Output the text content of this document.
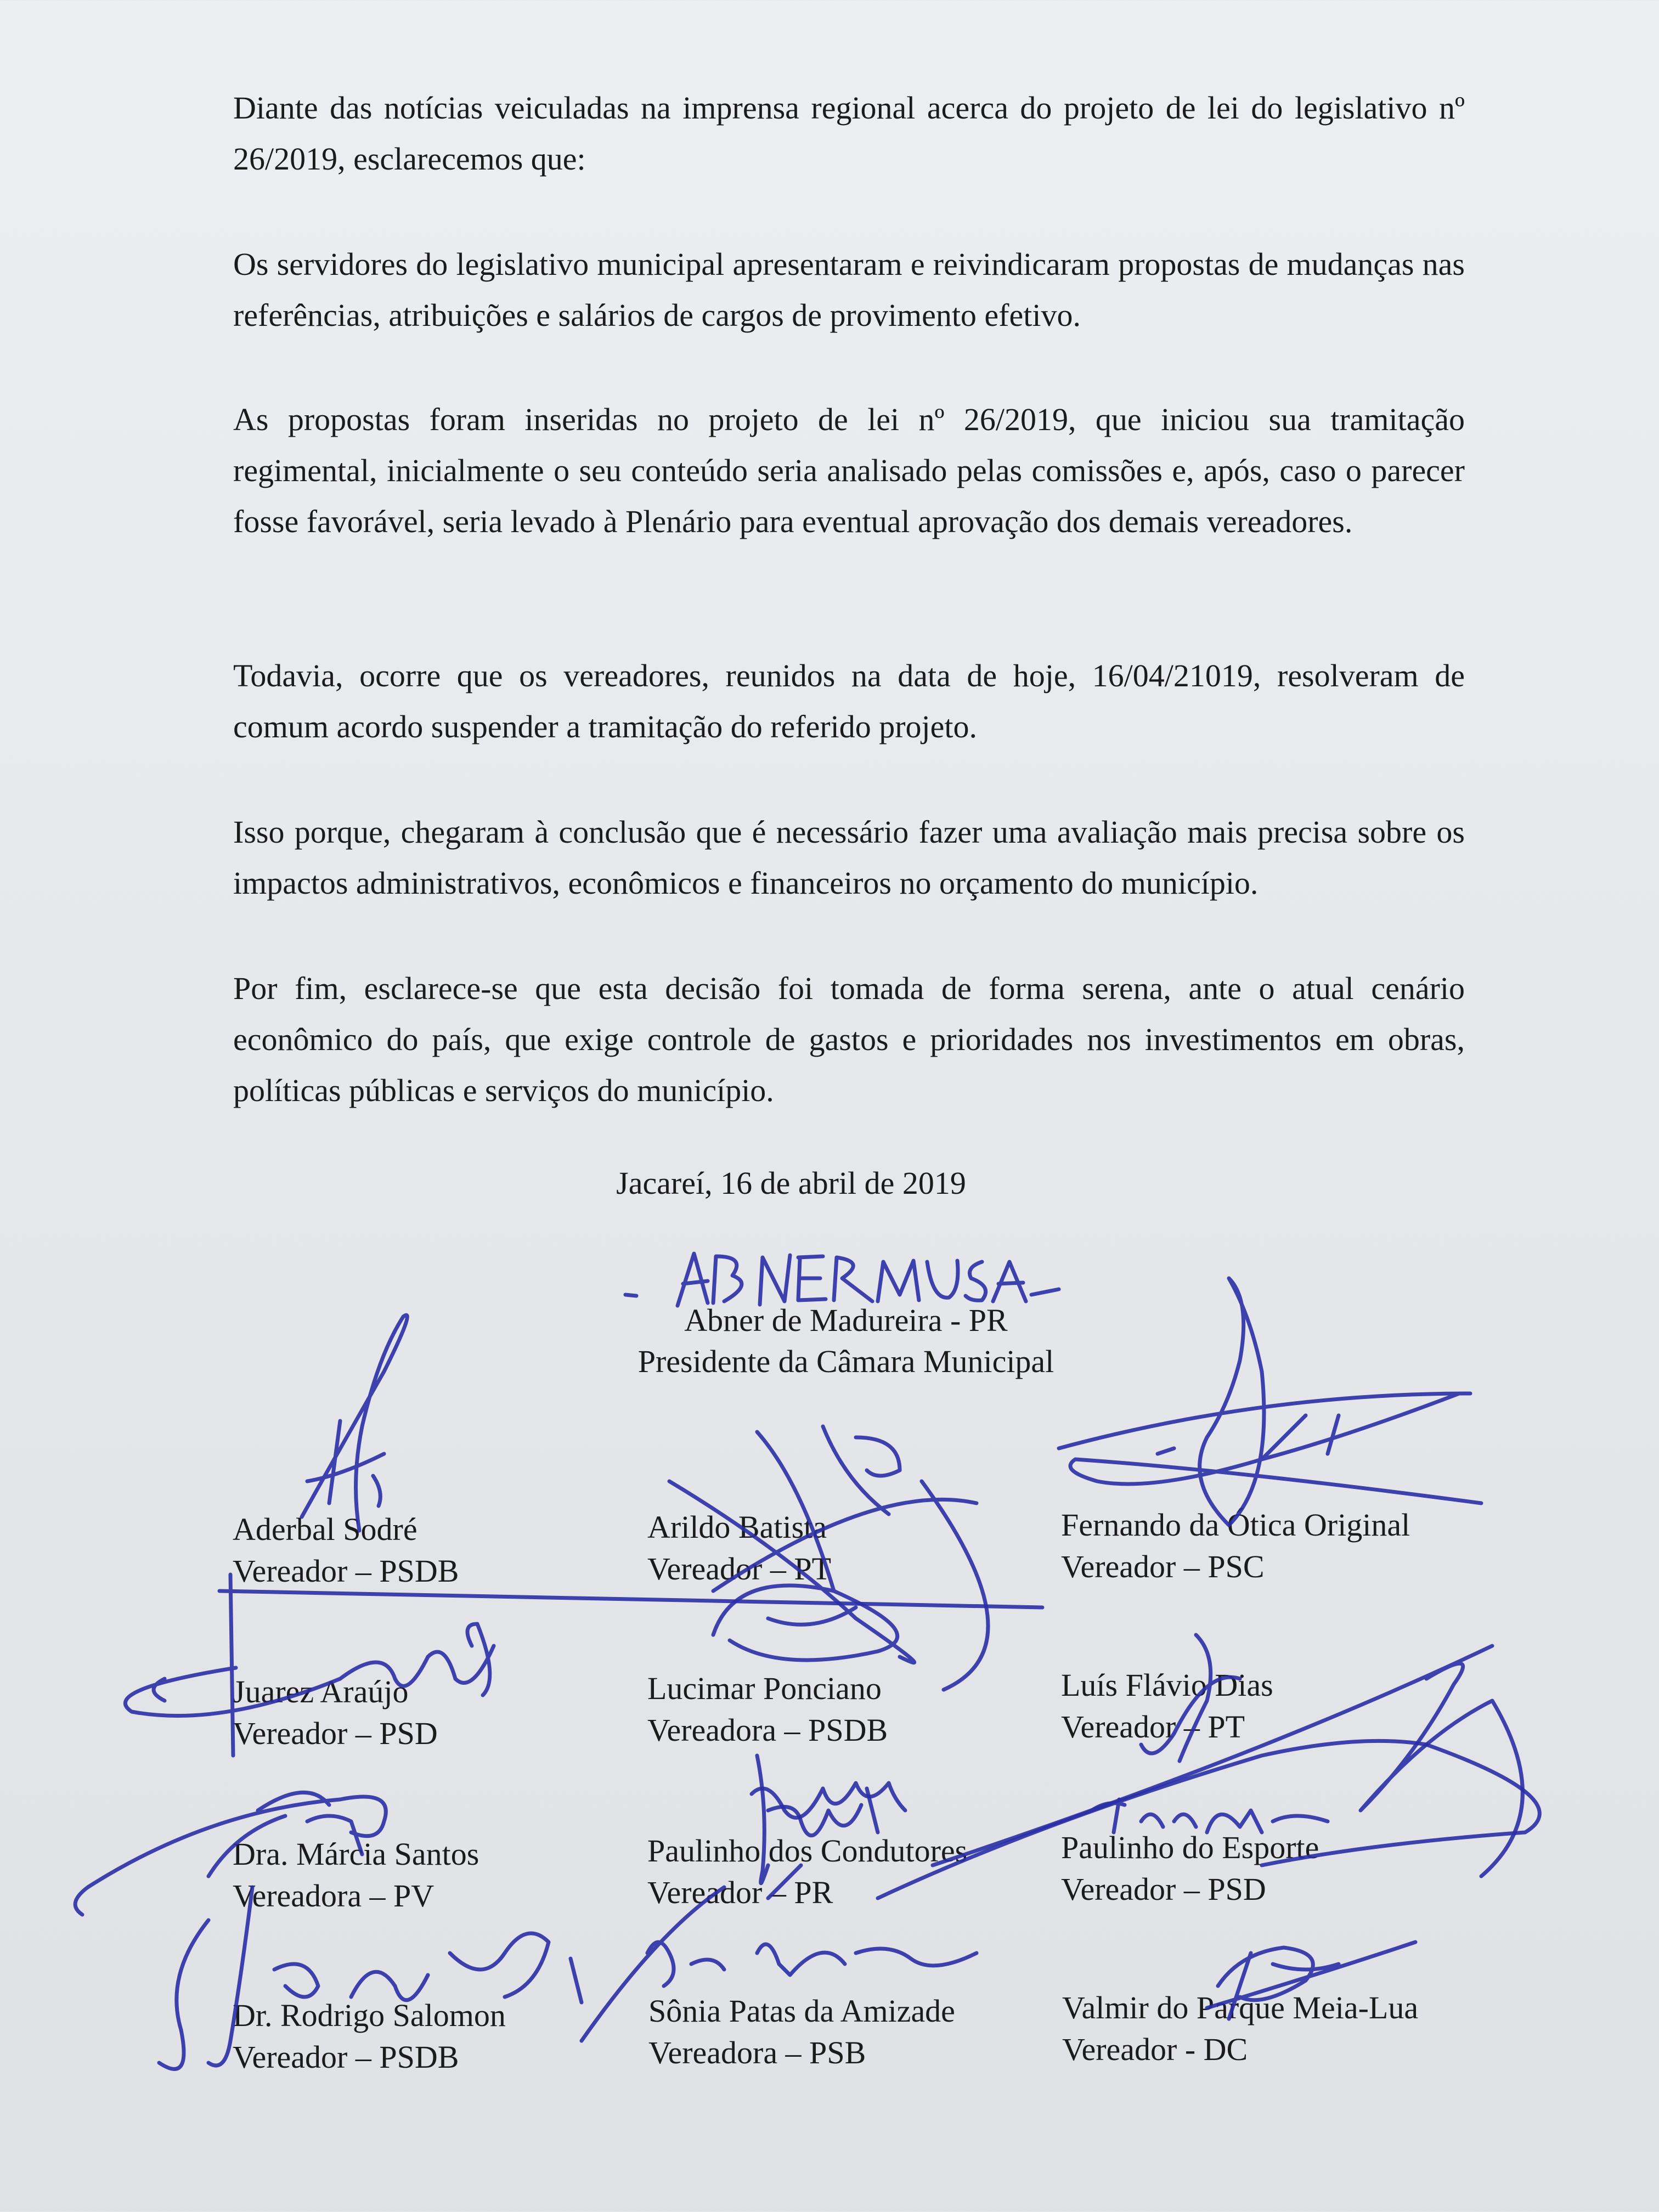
Diante das notícias veiculadas na imprensa regional acerca do projeto de lei do legislativo nº 26/2019, esclarecemos que:

Os servidores do legislativo municipal apresentaram e reivindicaram propostas de mudanças nas referências, atribuições e salários de cargos de provimento efetivo.

As propostas foram inseridas no projeto de lei nº 26/2019, que iniciou sua tramitação regimental, inicialmente o seu conteúdo seria analisado pelas comissões e, após, caso o parecer fosse favorável, seria levado à Plenário para eventual aprovação dos demais vereadores.

Todavia, ocorre que os vereadores, reunidos na data de hoje, 16/04/21019, resolveram de comum acordo suspender a tramitação do referido projeto.

Isso porque, chegaram à conclusão que é necessário fazer uma avaliação mais precisa sobre os impactos administrativos, econômicos e financeiros no orçamento do município.

Por fim, esclarece-se que esta decisão foi tomada de forma serena, ante o atual cenário econômico do país, que exige controle de gastos e prioridades nos investimentos em obras, políticas públicas e serviços do município.

Jacareí, 16 de abril de 2019

Abner de Madureira - PR

Presidente da Câmara Municipal

Aderbal Sodré
Vereador – PSDB
Arildo Batista
Vereador – PT
Fernando da Ótica Original
Vereador – PSC
Juarez Araújo
Vereador – PSD
Lucimar Ponciano
Vereadora – PSDB
Luís Flávio Dias
Vereador – PT
Dra. Márcia Santos
Vereadora – PV
Paulinho dos Condutores
Vereador – PR
Paulinho do Esporte
Vereador – PSD
Dr. Rodrigo Salomon
Vereador – PSDB
Sônia Patas da Amizade
Vereadora – PSB
Valmir do Parque Meia-Lua
Vereador - DC
